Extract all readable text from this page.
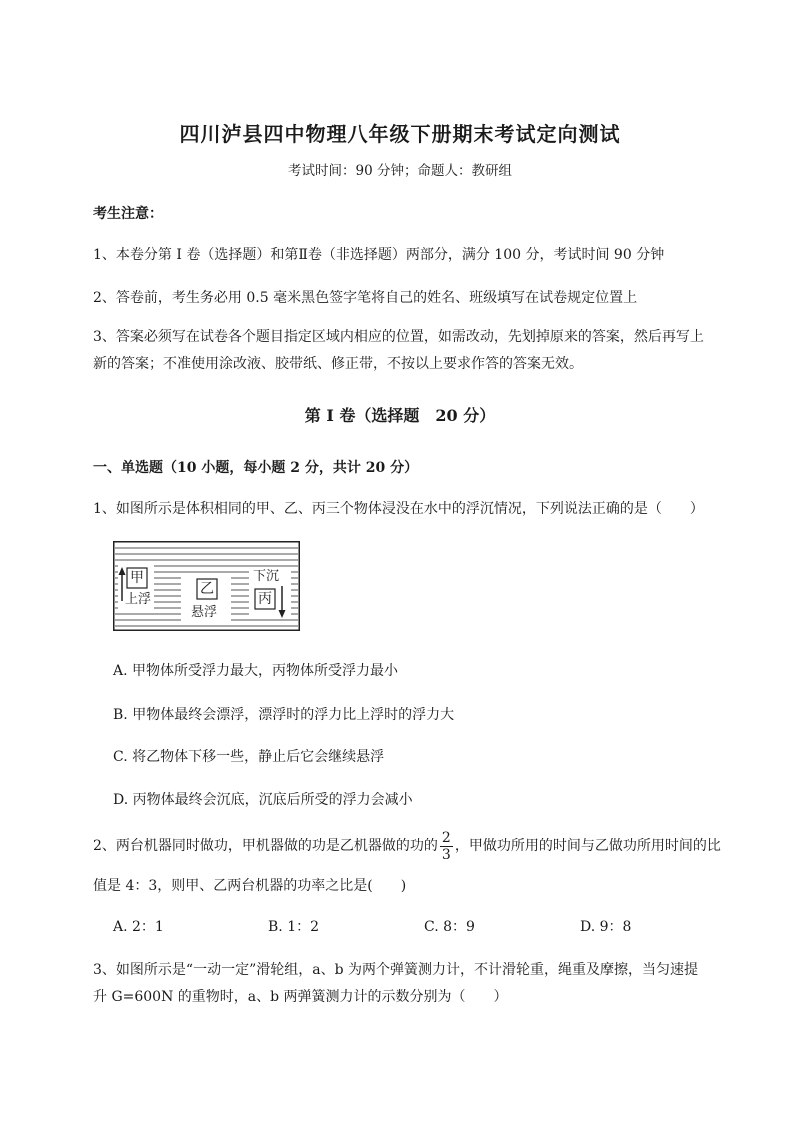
四川泸县四中物理八年级下册期末考试定向测试
考试时间：90 分钟；命题人：教研组
考生注意：
1、本卷分第 I 卷（选择题）和第Ⅱ卷（非选择题）两部分，满分 100 分，考试时间 90 分钟
2、答卷前，考生务必用 0.5 毫米黑色签字笔将自己的姓名、班级填写在试卷规定位置上
3、答案必须写在试卷各个题目指定区域内相应的位置，如需改动，先划掉原来的答案，然后再写上新的答案；不准使用涂改液、胶带纸、修正带，不按以上要求作答的答案无效。
第 I 卷（选择题　20 分）
一、单选题（10 小题，每小题 2 分，共计 20 分）
1、如图所示是体积相同的甲、乙、丙三个物体浸没在水中的浮沉情况，下列说法正确的是（　　）
甲
上浮
乙
悬浮
丙
下沉
A. 甲物体所受浮力最大，丙物体所受浮力最小
B. 甲物体最终会漂浮，漂浮时的浮力比上浮时的浮力大
C. 将乙物体下移一些，静止后它会继续悬浮
D. 丙物体最终会沉底，沉底后所受的浮力会减小
2、两台机器同时做功，甲机器做的功是乙机器做的功的 $\frac{2}{3}$ ，甲做功所用的时间与乙做功所用时间的比
值是 4：3，则甲、乙两台机器的功率之比是(　　)
A. 2：1	B. 1：2	C. 8：9	D. 9：8
3、如图所示是“一动一定”滑轮组，a、b 为两个弹簧测力计，不计滑轮重，绳重及摩擦，当匀速提
升 G=600N 的重物时，a、b 两弹簧测力计的示数分别为（　　）
